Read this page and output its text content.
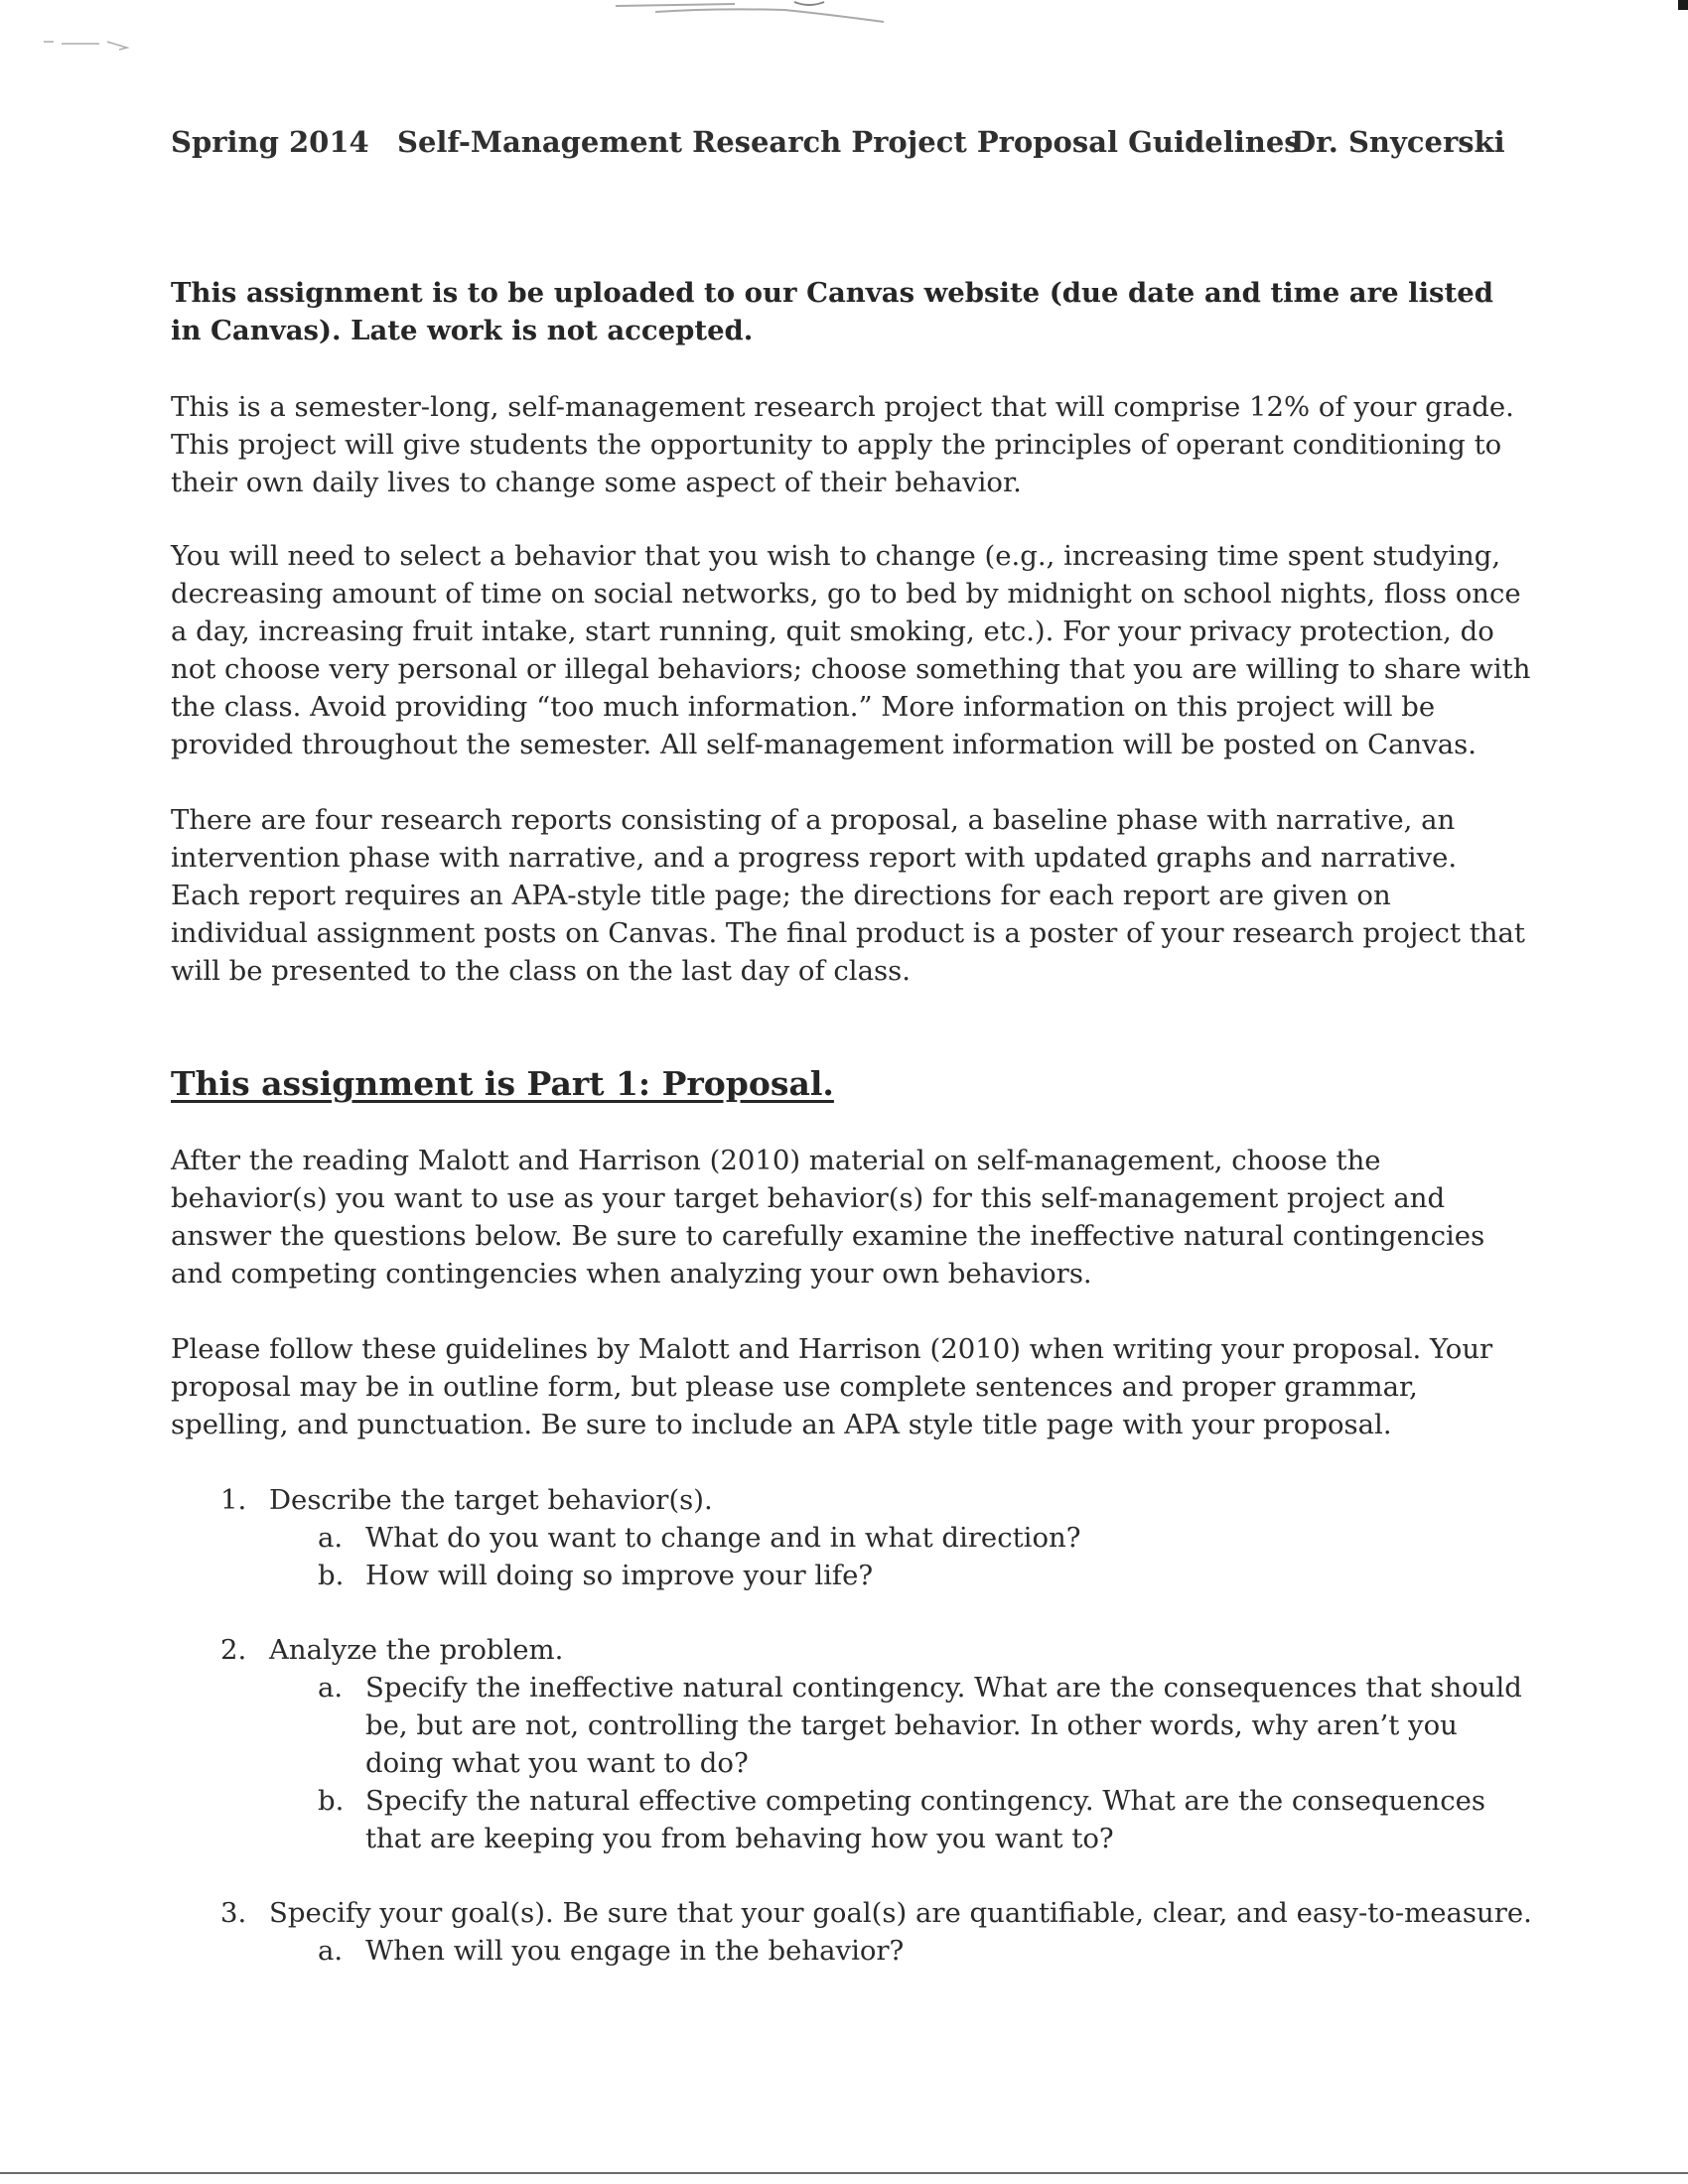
Spring 2014 Self-Management Research Project Proposal Guidelines
Dr. Snycerski

This assignment is to be uploaded to our Canvas website (due date and time are listed in Canvas). Late work is not accepted.

This is a semester-long, self-management research project that will comprise 12% of your grade. This project will give students the opportunity to apply the principles of operant conditioning to their own daily lives to change some aspect of their behavior.

You will need to select a behavior that you wish to change (e.g., increasing time spent studying, decreasing amount of time on social networks, go to bed by midnight on school nights, floss once a day, increasing fruit intake, start running, quit smoking, etc.). For your privacy protection, do not choose very personal or illegal behaviors; choose something that you are willing to share with the class. Avoid providing “too much information.” More information on this project will be provided throughout the semester. All self-management information will be posted on Canvas.

There are four research reports consisting of a proposal, a baseline phase with narrative, an intervention phase with narrative, and a progress report with updated graphs and narrative. Each report requires an APA-style title page; the directions for each report are given on individual assignment posts on Canvas. The final product is a poster of your research project that will be presented to the class on the last day of class.

This assignment is Part 1: Proposal.

After the reading Malott and Harrison (2010) material on self-management, choose the behavior(s) you want to use as your target behavior(s) for this self-management project and answer the questions below. Be sure to carefully examine the ineffective natural contingencies and competing contingencies when analyzing your own behaviors.

Please follow these guidelines by Malott and Harrison (2010) when writing your proposal. Your proposal may be in outline form, but please use complete sentences and proper grammar, spelling, and punctuation. Be sure to include an APA style title page with your proposal.

1. Describe the target behavior(s).
a. What do you want to change and in what direction?
b. How will doing so improve your life?
2. Analyze the problem.
a. Specify the ineffective natural contingency. What are the consequences that should be, but are not, controlling the target behavior. In other words, why aren’t you doing what you want to do?
b. Specify the natural effective competing contingency. What are the consequences that are keeping you from behaving how you want to?
3. Specify your goal(s). Be sure that your goal(s) are quantifiable, clear, and easy-to-measure.
a. When will you engage in the behavior?
